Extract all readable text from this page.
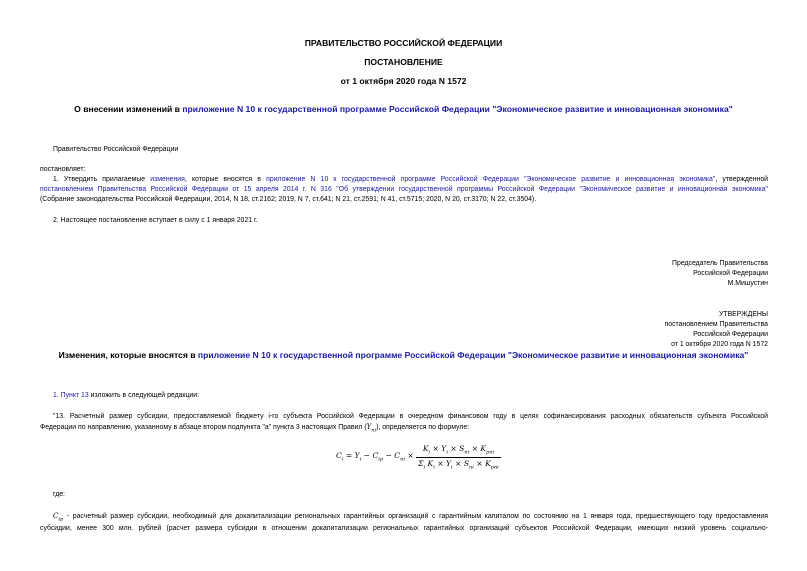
ПРАВИТЕЛЬСТВО РОССИЙСКОЙ ФЕДЕРАЦИИ
ПОСТАНОВЛЕНИЕ
от 1 октября 2020 года N 1572
О внесении изменений в приложение N 10 к государственной программе Российской Федерации "Экономическое развитие и инновационная экономика"
Правительство Российской Федерации
постановляет:
1. Утвердить прилагаемые изменения, которые вносятся в приложение N 10 к государственной программе Российской Федерации "Экономическое развитие и инновационная экономика", утвержденной
постановлением Правительства Российской Федерации от 15 апреля 2014 г. N 316 "Об утверждении государственной программы Российской Федерации "Экономическое развитие и инновационная экономика"
(Собрание законодательства Российской Федерации, 2014, N 18, ст.2162; 2019, N 7, ст.641; N 21, ст.2591; N 41, ст.5715; 2020, N 20, ст.3170; N 22, ст.3504).
2. Настоящее постановление вступает в силу с 1 января 2021 г.
Председатель Правительства
Российской Федерации
М.Мишустин
УТВЕРЖДЕНЫ
постановлением Правительства
Российской Федерации
от 1 октября 2020 года N 1572
Изменения, которые вносятся в приложение N 10 к государственной программе Российской Федерации "Экономическое развитие и инновационная экономика"
1. Пункт 13 изложить в следующей редакции:
"13. Расчетный размер субсидии, предоставляемой бюджету i-го субъекта Российской Федерации в очередном финансовом году в целях софинансирования расходных обязательств субъекта Российской
Федерации по направлению, указанному в абзаце втором подпункта "а" пункта 3 настоящих Правил $(Y_{пi})$, определяется по формуле:
$C_i = Y_i - C_{ip} - C_{пi} \times \frac{K_i \times Y_i \times S_{пi} \times K_{рпi}}{\Sigma_i K_i \times Y_i \times S_{пi} \times K_{рпi}}$
где:
$C_{ip}$ - расчетный размер субсидии, необходимый для докапитализации региональных гарантийных организаций с гарантийным капиталом по состоянию на 1 января года, предшествующего году предоставления
субсидии, менее 300 млн. рублей (расчет размера субсидии в отношении докапитализации региональных гарантийных организаций субъектов Российской Федерации, имеющих низкий уровень социально-
